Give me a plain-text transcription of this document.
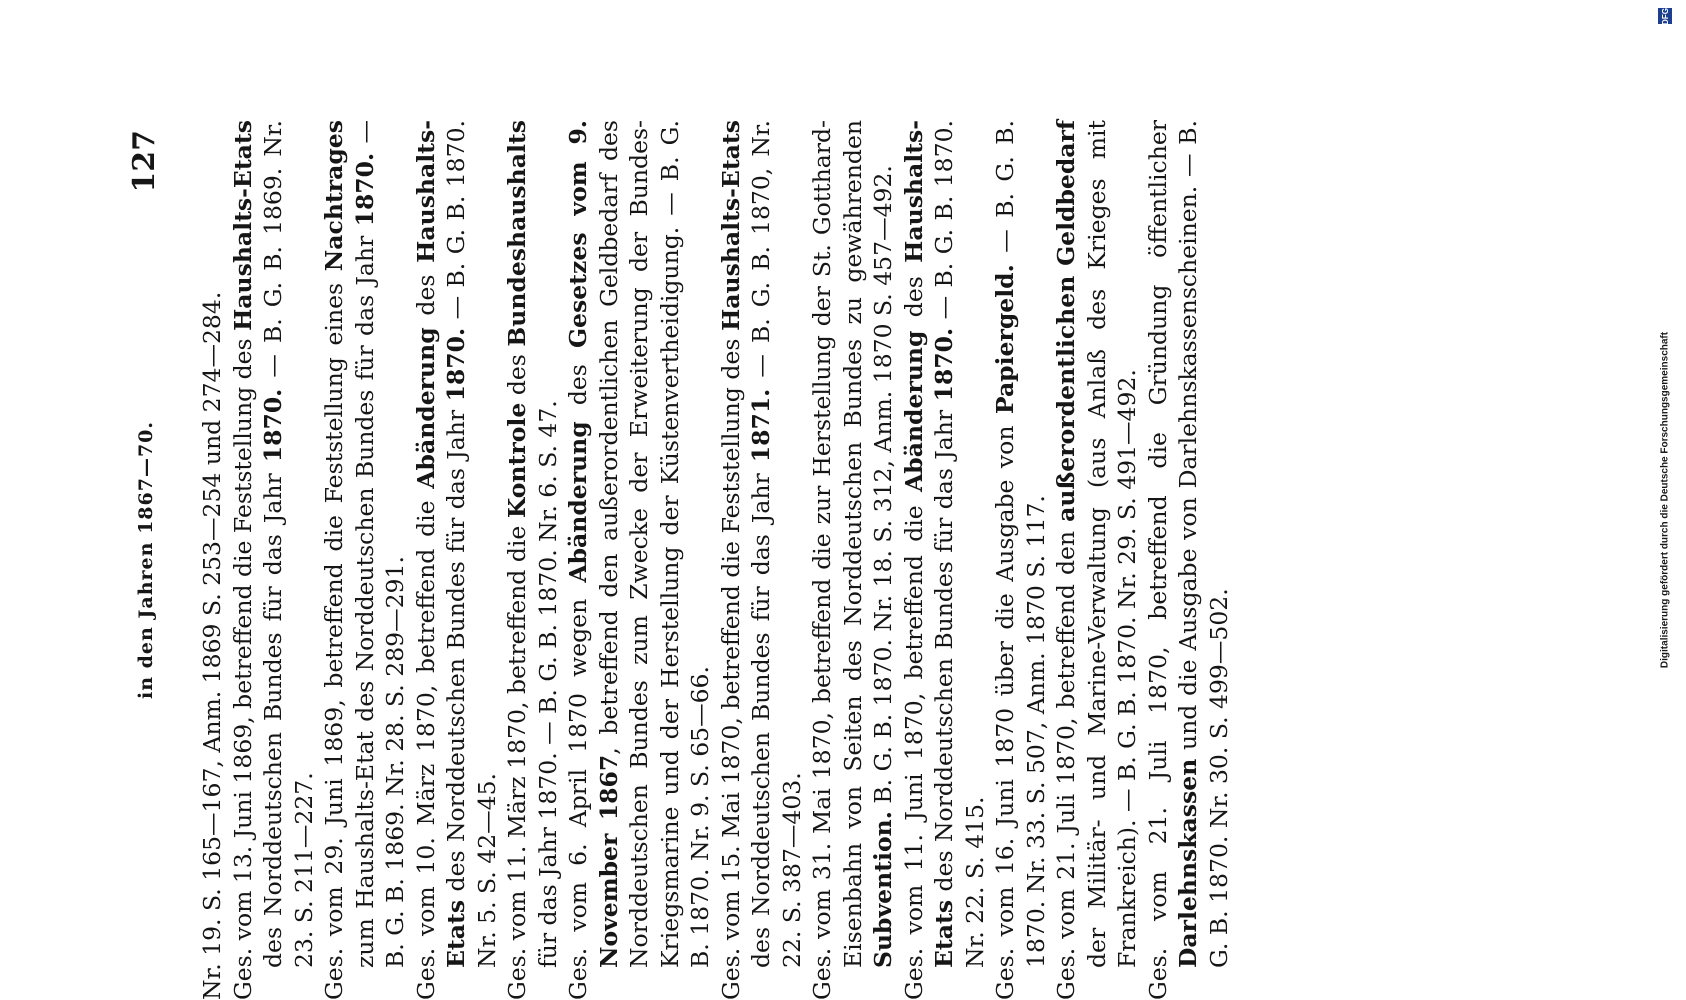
in den Jahren 1867—70.
127

Nr. 19. S. 165—167, Anm. 1869 S. 253—254 und 274—284. Ges. vom 13. Juni 1869, betreffend die Feststellung des Haushalts-Etats des Norddeutschen Bundes für das Jahr 1870. — B. G. B. 1869. Nr. 23. S. 211—227. Ges. vom 29. Juni 1869, betreffend die Feststellung eines Nachtrages zum Haushalts-Etat des Norddeutschen Bundes für das Jahr 1870. — B. G. B. 1869. Nr. 28. S. 289—291. Ges. vom 10. März 1870, betreffend die Abänderung des Haushalts-Etats des Norddeutschen Bundes für das Jahr 1870. — B. G. B. 1870. Nr. 5. S. 42—45. Ges. vom 11. März 1870, betreffend die Kontrole des Bundeshaushalts für das Jahr 1870. — B. G. B. 1870. Nr. 6. S. 47. Ges. vom 6. April 1870 wegen Abänderung des Gesetzes vom 9. November 1867, betreffend den außerordentlichen Geldbedarf des Norddeutschen Bundes zum Zwecke der Erweiterung der Bundes-Kriegsmarine und der Herstellung der Küstenvertheidigung. — B. G. B. 1870. Nr. 9. S. 65—66. Ges. vom 15. Mai 1870, betreffend die Feststellung des Haushalts-Etats des Norddeutschen Bundes für das Jahr 1871. — B. G. B. 1870, Nr. 22. S. 387—403. Ges. vom 31. Mai 1870, betreffend die zur Herstellung der St. Gotthard-Eisenbahn von Seiten des Norddeutschen Bundes zu gewährenden Subvention. B. G. B. 1870. Nr. 18. S. 312, Anm. 1870 S. 457—492. Ges. vom 11. Juni 1870, betreffend die Abänderung des Haushalts-Etats des Norddeutschen Bundes für das Jahr 1870. — B. G. B. 1870. Nr. 22. S. 415. Ges. vom 16. Juni 1870 über die Ausgabe von Papiergeld. — B. G. B. 1870. Nr. 33. S. 507, Anm. 1870 S. 117. Ges. vom 21. Juli 1870, betreffend den außerordentlichen Geldbedarf der Militär- und Marine-Verwaltung (aus Anlaß des Krieges mit Frankreich). — B. G. B. 1870. Nr. 29. S. 491—492. Ges. vom 21. Juli 1870, betreffend die Gründung öffentlicher Darlehnskassen und die Ausgabe von Darlehnskassenscheinen. — B. G. B. 1870. Nr. 30. S. 499—502.

Digitalisierung gefördert durch die Deutsche Forschungsgemeinschaft
DFG
